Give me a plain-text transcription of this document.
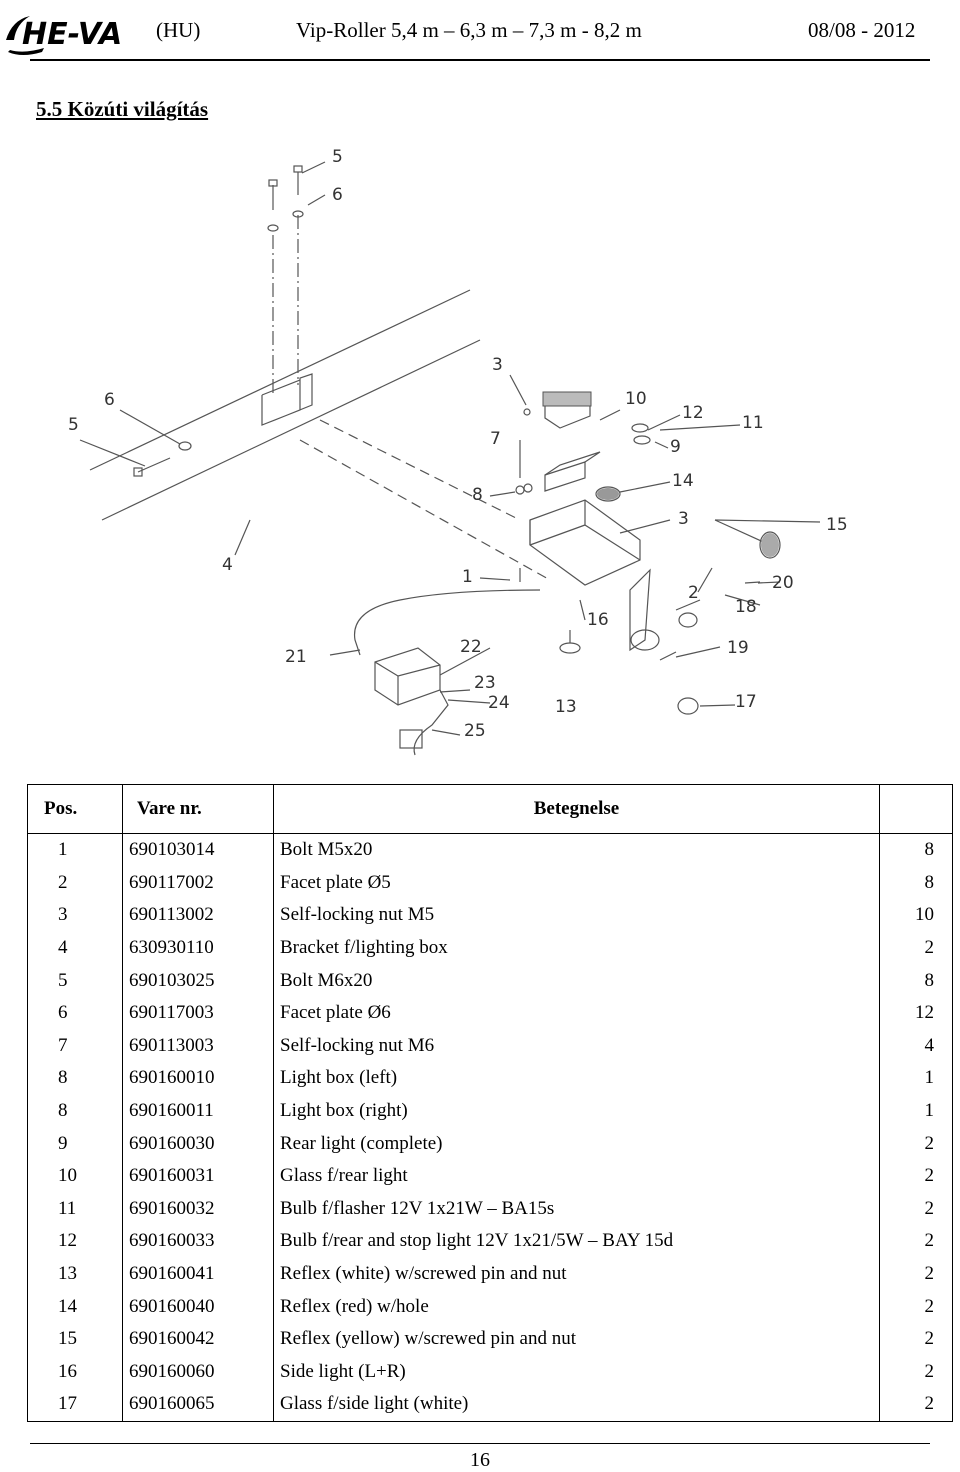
HE-VA (HU)	Vip-Roller 5,4 m – 6,3 m – 7,3 m - 8,2 m	08/08 - 2012
5.5 Közúti világítás
5
6
3
10
12 11
7	9
14
8
3	15
5
6
4
1
2	20
18
16
19
21	22
23
24
25
13	17
Pos.	Vare nr.	Betegnelse	
1	690103014	Bolt M5x20	8
2	690117002	Facet plate Ø5	8
3	690113002	Self-locking nut M5	10
4	630930110	Bracket f/lighting box	2
5	690103025	Bolt M6x20	8
6	690117003	Facet plate Ø6	12
7	690113003	Self-locking nut M6	4
8	690160010	Light box (left)	1
8	690160011	Light box (right)	1
9	690160030	Rear light (complete)	2
10	690160031	Glass f/rear light	2
11	690160032	Bulb f/flasher 12V 1x21W – BA15s	2
12	690160033	Bulb f/rear and stop light 12V 1x21/5W – BAY 15d	2
13	690160041	Reflex (white) w/screwed pin and nut	2
14	690160040	Reflex (red) w/hole	2
15	690160042	Reflex (yellow) w/screwed pin and nut	2
16	690160060	Side light (L+R)	2
17	690160065	Glass f/side light (white)	2
16
